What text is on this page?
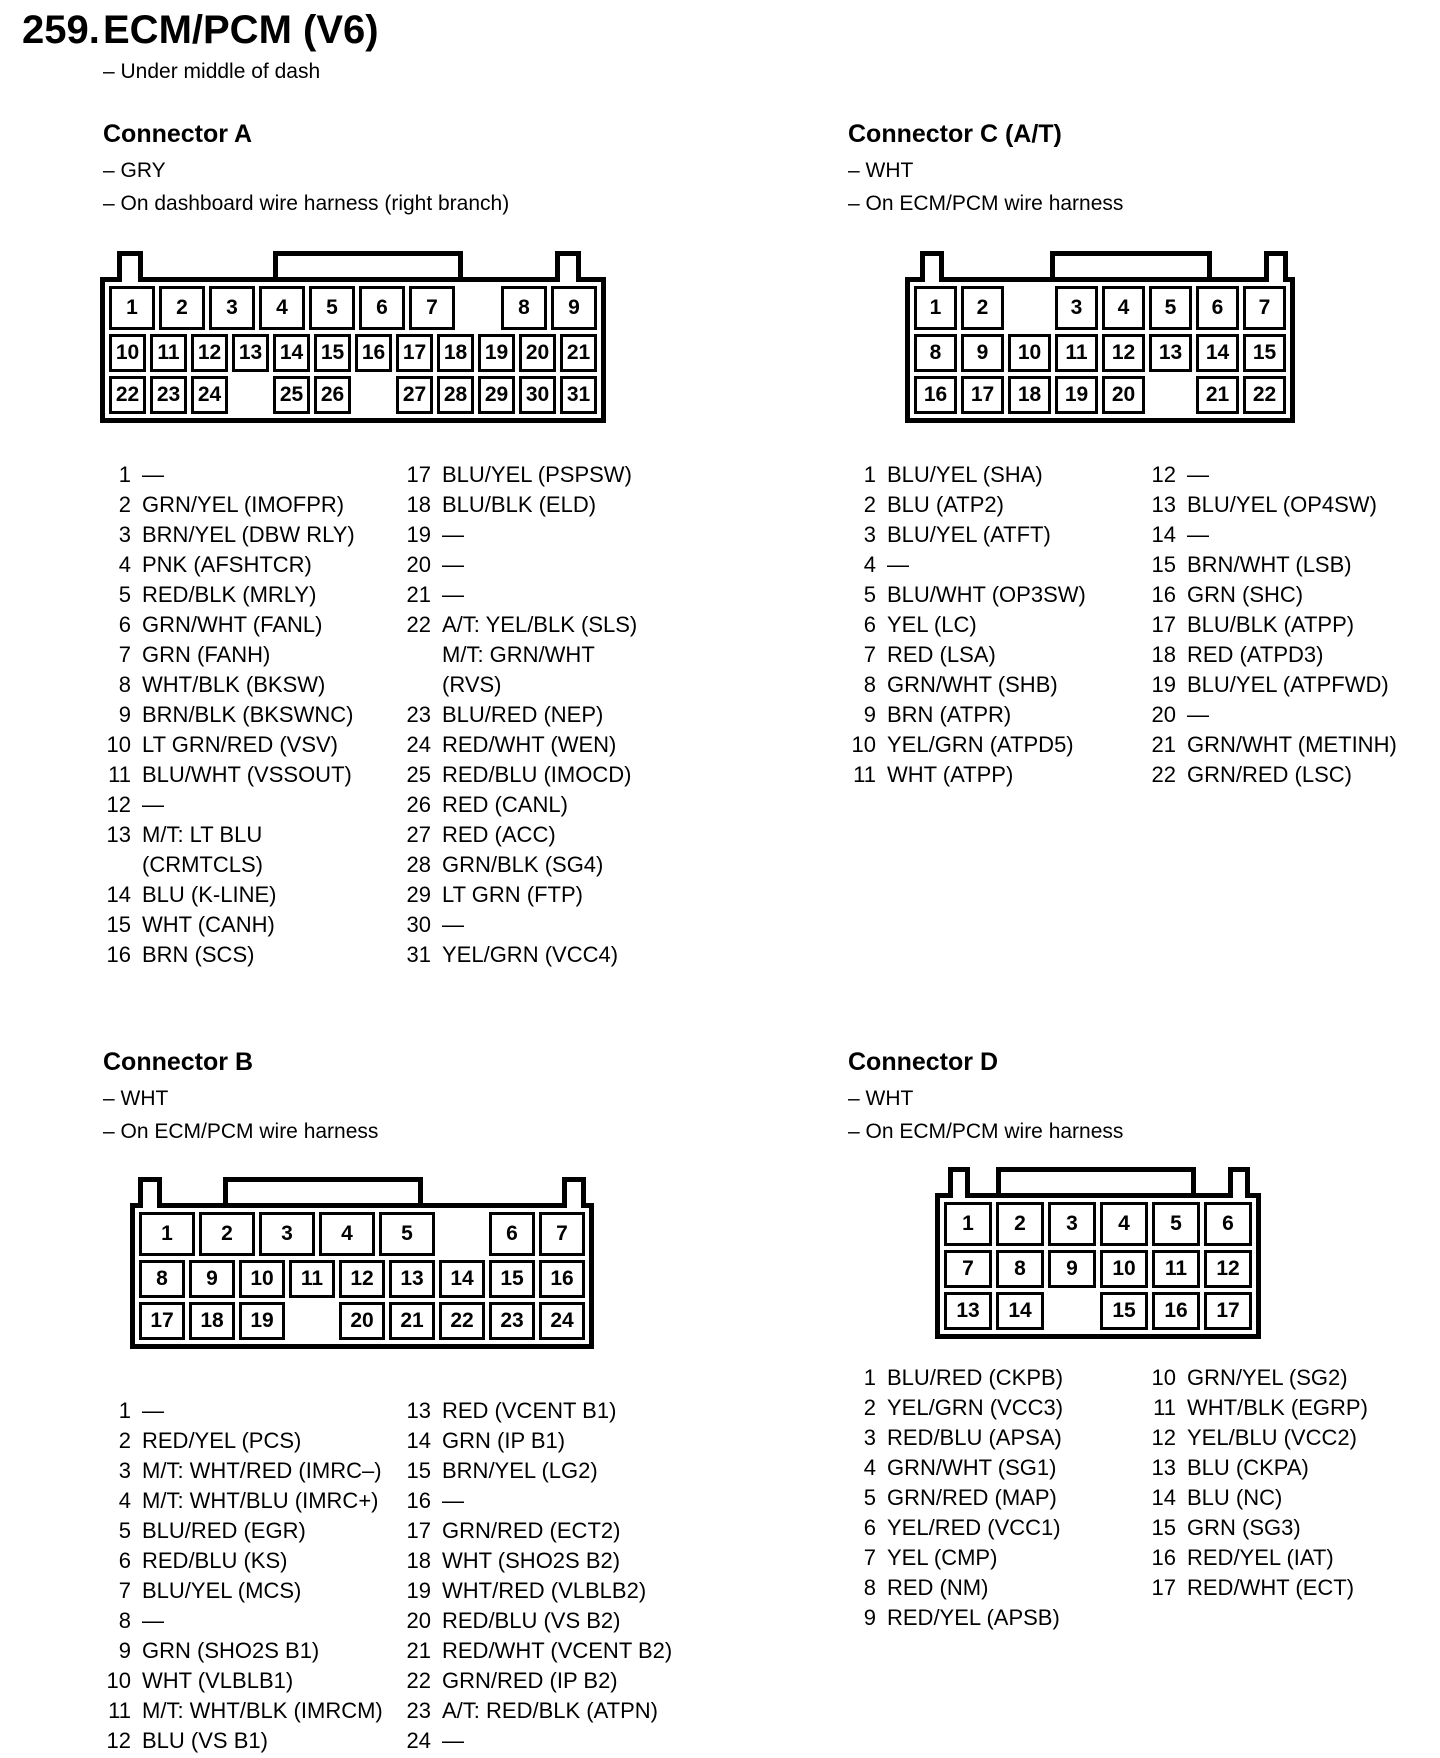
259. ECM/PCM (V6)
– Under middle of dash
Connector A
– GRY
– On dashboard wire harness (right branch)
1	2	3	4	5	6	7	8	9
10 11 12 13 14 15 16 17 18 19 20 21
22 23 24	25 26	27 28 29 30 31
1 —
2 GRN/YEL (IMOFPR)
3 BRN/YEL (DBW RLY)
4 PNK (AFSHTCR)
5 RED/BLK (MRLY)
6 GRN/WHT (FANL)
7 GRN (FANH)
8 WHT/BLK (BKSW)
9 BRN/BLK (BKSWNC)
10 LT GRN/RED (VSV)
11 BLU/WHT (VSSOUT)
12 —
13 M/T: LT BLU
(CRMTCLS)
14 BLU (K-LINE)
15 WHT (CANH)
16 BRN (SCS)
17 BLU/YEL (PSPSW)
18 BLU/BLK (ELD)
19 —
20 —
21 —
22 A/T: YEL/BLK (SLS)
M/T: GRN/WHT
(RVS)
23 BLU/RED (NEP)
24 RED/WHT (WEN)
25 RED/BLU (IMOCD)
26 RED (CANL)
27 RED (ACC)
28 GRN/BLK (SG4)
29 LT GRN (FTP)
30 —
31 YEL/GRN (VCC4)
Connector C (A/T)
– WHT
– On ECM/PCM wire harness
1	2	3	4	5	6	7
8	9	10	11	12	13	14	15
16	17	18	19	20	21	22
1 BLU/YEL (SHA)
2 BLU (ATP2)
3 BLU/YEL (ATFT)
4 —
5 BLU/WHT (OP3SW)
6 YEL (LC)
7 RED (LSA)
8 GRN/WHT (SHB)
9 BRN (ATPR)
10 YEL/GRN (ATPD5)
11 WHT (ATPP)
12 —
13 BLU/YEL (OP4SW)
14 —
15 BRN/WHT (LSB)
16 GRN (SHC)
17 BLU/BLK (ATPP)
18 RED (ATPD3)
19 BLU/YEL (ATPFWD)
20 —
21 GRN/WHT (METINH)
22 GRN/RED (LSC)
Connector B
– WHT
– On ECM/PCM wire harness
1	2	3	4	5	6	7
8	9	10	11	12	13	14	15	16
17	18	19	20	21	22	23	24
1 —
2 RED/YEL (PCS)
3 M/T: WHT/RED (IMRC–)
4 M/T: WHT/BLU (IMRC+)
5 BLU/RED (EGR)
6 RED/BLU (KS)
7 BLU/YEL (MCS)
8 —
9 GRN (SHO2S B1)
10 WHT (VLBLB1)
11 M/T: WHT/BLK (IMRCM)
12 BLU (VS B1)
13 RED (VCENT B1)
14 GRN (IP B1)
15 BRN/YEL (LG2)
16 —
17 GRN/RED (ECT2)
18 WHT (SHO2S B2)
19 WHT/RED (VLBLB2)
20 RED/BLU (VS B2)
21 RED/WHT (VCENT B2)
22 GRN/RED (IP B2)
23 A/T: RED/BLK (ATPN)
24 —
Connector D
– WHT
– On ECM/PCM wire harness
1	2	3	4	5	6
7	8	9	10	11	12
13	14	15	16	17
1 BLU/RED (CKPB)
2 YEL/GRN (VCC3)
3 RED/BLU (APSA)
4 GRN/WHT (SG1)
5 GRN/RED (MAP)
6 YEL/RED (VCC1)
7 YEL (CMP)
8 RED (NM)
9 RED/YEL (APSB)
10 GRN/YEL (SG2)
11 WHT/BLK (EGRP)
12 YEL/BLU (VCC2)
13 BLU (CKPA)
14 BLU (NC)
15 GRN (SG3)
16 RED/YEL (IAT)
17 RED/WHT (ECT)
